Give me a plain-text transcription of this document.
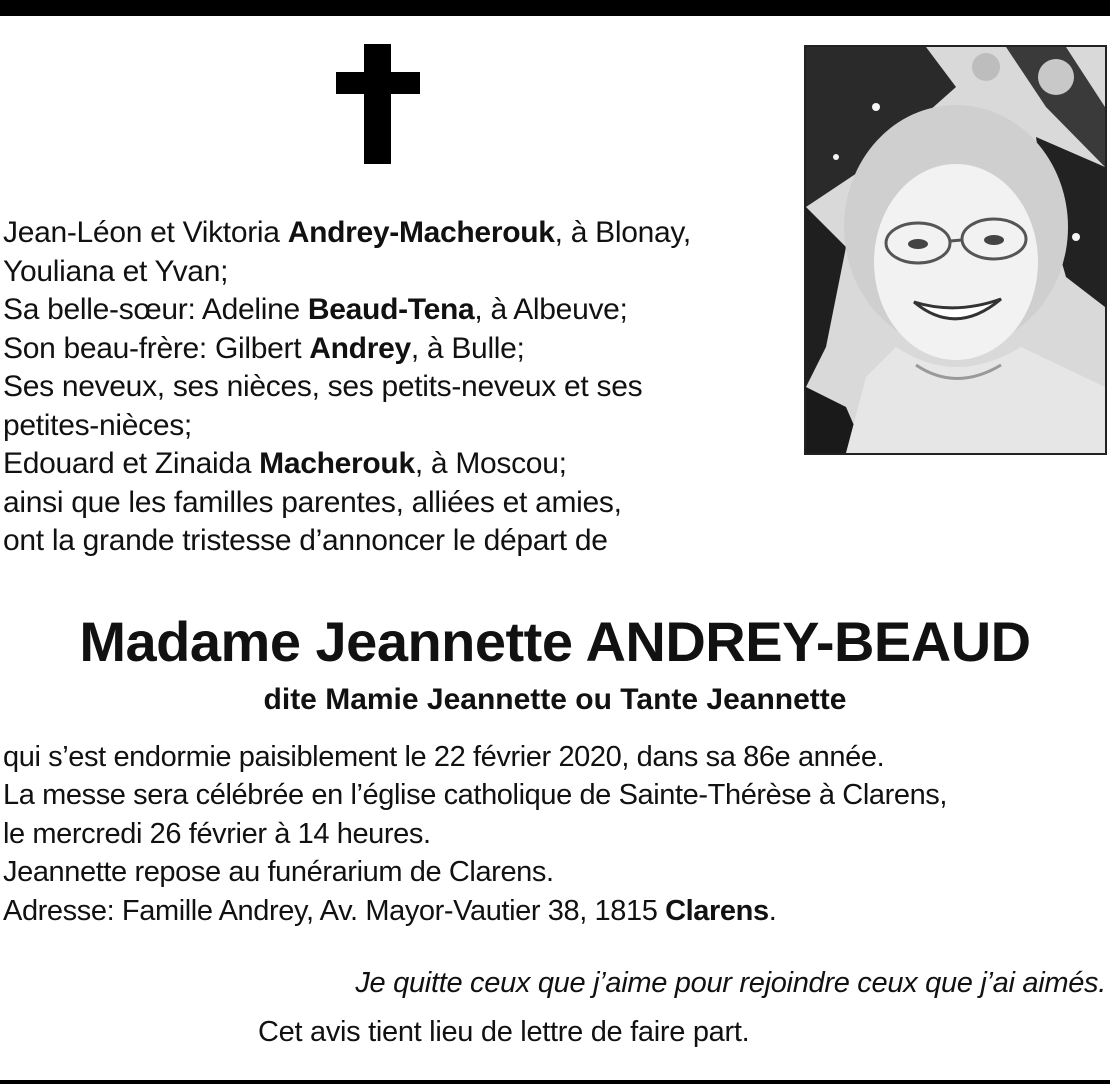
Jean-Léon et Viktoria Andrey-Macherouk, à Blonay,
Youliana et Yvan;
Sa belle-sœur: Adeline Beaud-Tena, à Albeuve;
Son beau-frère: Gilbert Andrey, à Bulle;
Ses neveux, ses nièces, ses petits-neveux et ses
petites-nièces;
Edouard et Zinaida Macherouk, à Moscou;
ainsi que les familles parentes, alliées et amies,
ont la grande tristesse d’annoncer le départ de
Madame Jeannette ANDREY-BEAUD
dite Mamie Jeannette ou Tante Jeannette
qui s’est endormie paisiblement le 22 février 2020, dans sa 86e année.
La messe sera célébrée en l’église catholique de Sainte-Thérèse à Clarens,
le mercredi 26 février à 14 heures.
Jeannette repose au funérarium de Clarens.
Adresse: Famille Andrey, Av. Mayor-Vautier 38, 1815 Clarens.
Je quitte ceux que j’aime pour rejoindre ceux que j’ai aimés.
Cet avis tient lieu de lettre de faire part.
